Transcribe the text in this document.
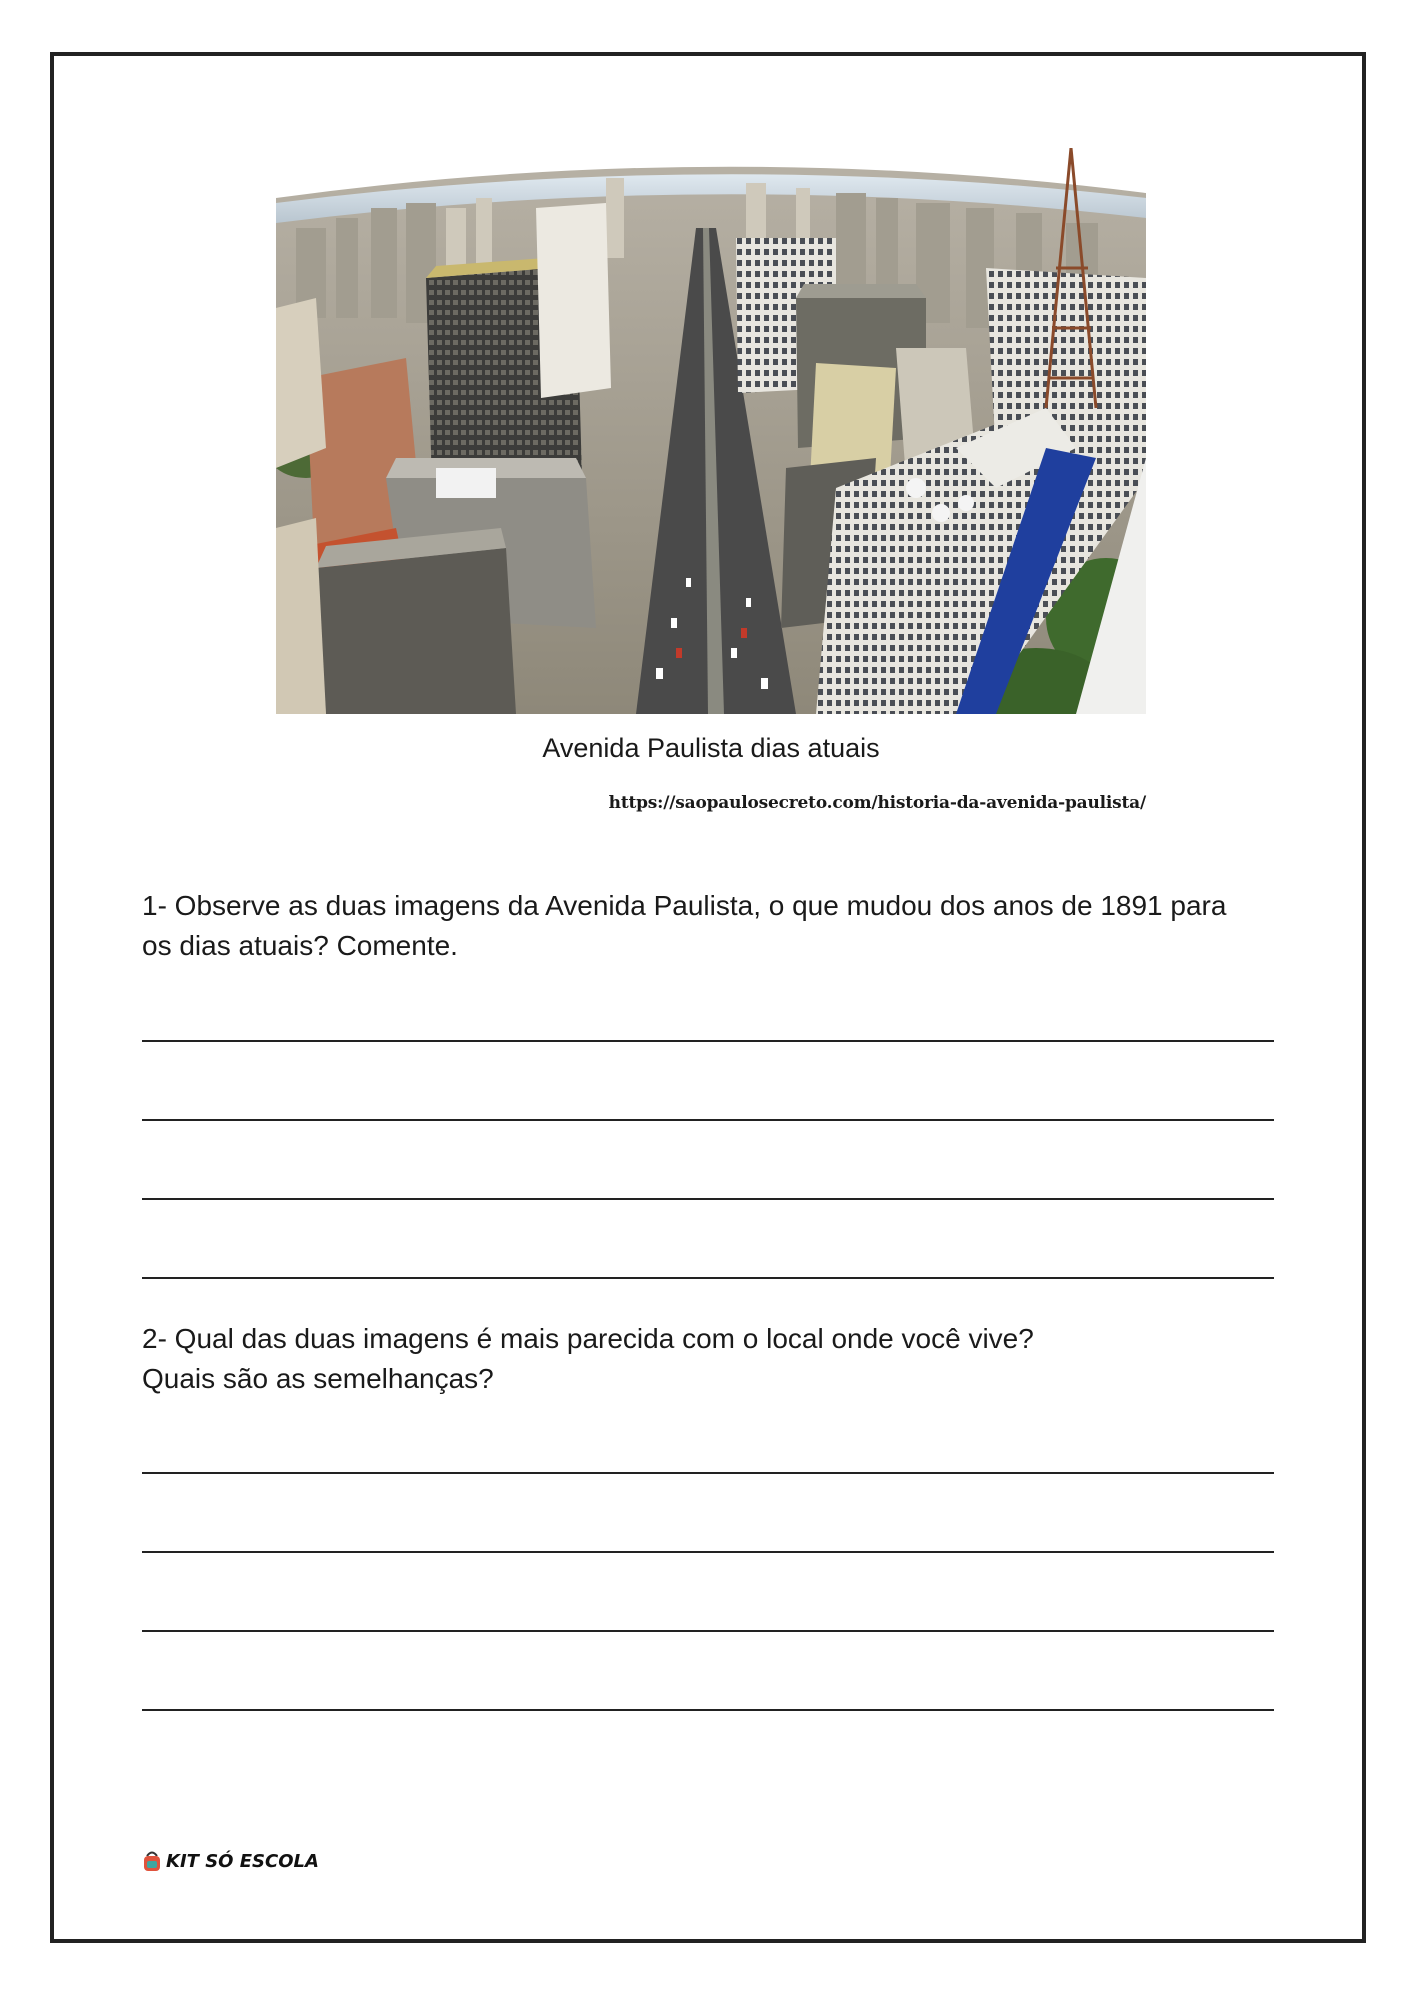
Avenida Paulista dias atuais
https://saopaulosecreto.com/historia-da-avenida-paulista/
1- Observe as duas imagens da Avenida Paulista, o que mudou dos anos de 1891 para
os dias atuais? Comente.
2- Qual das duas imagens é mais parecida com o local onde você vive?
Quais são as semelhanças?
KIT SÓ ESCOLA
